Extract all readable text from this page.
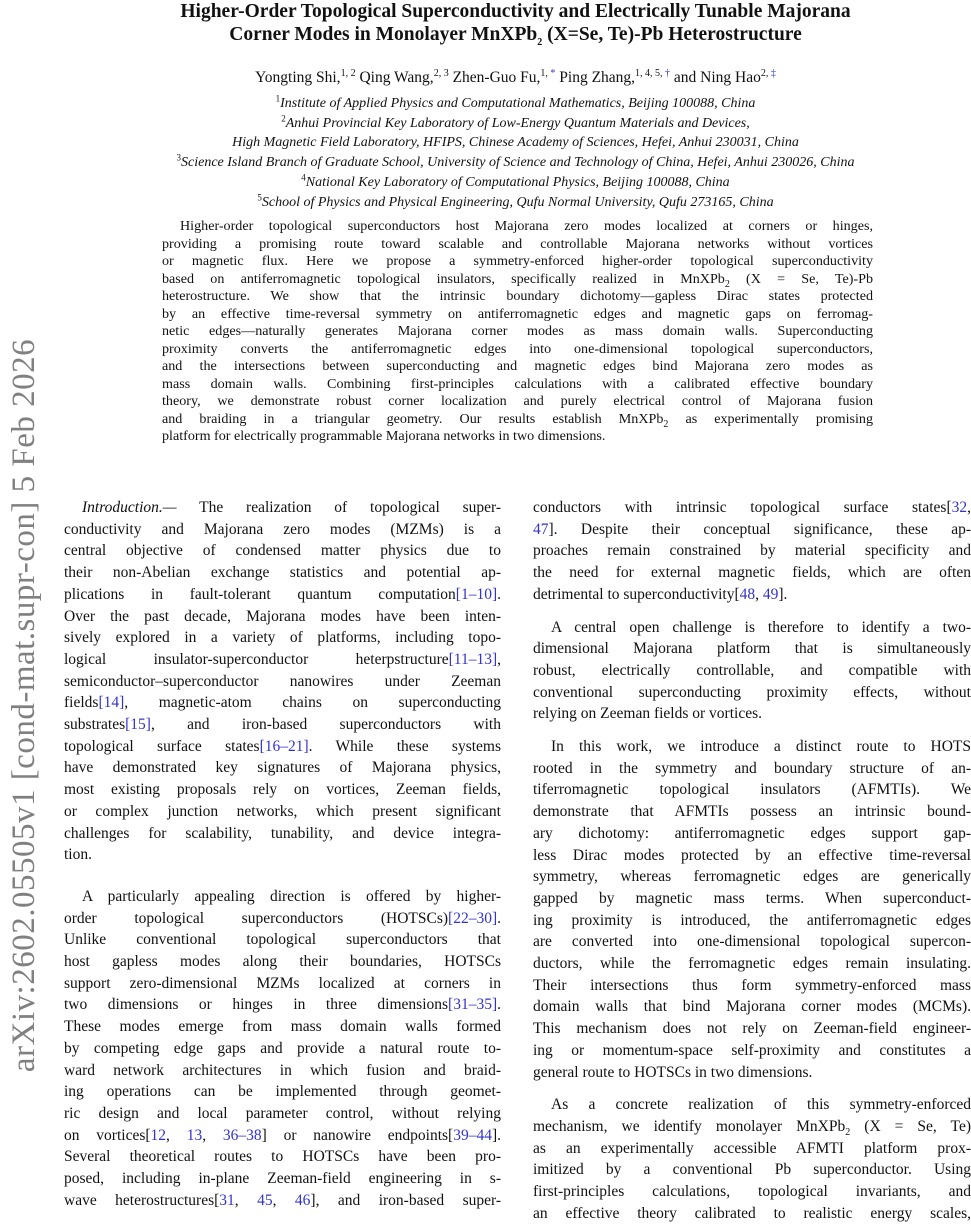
arXiv:2602.05505v1 [cond-mat.supr-con] 5 Feb 2026
Higher-Order Topological Superconductivity and Electrically Tunable Majorana
Corner Modes in Monolayer MnXPb$_2$ (X=Se, Te)-Pb Heterostructure
Yongting Shi,$^{1, 2}$ Qing Wang,$^{2, 3}$ Zhen-Guo Fu,$^{1, *}$ Ping Zhang,$^{1, 4, 5, \dagger}$ and Ning Hao$^{2, \ddagger}$
$^1$Institute of Applied Physics and Computational Mathematics, Beijing 100088, China
$^2$Anhui Provincial Key Laboratory of Low-Energy Quantum Materials and Devices,
High Magnetic Field Laboratory, HFIPS, Chinese Academy of Sciences, Hefei, Anhui 230031, China
$^3$Science Island Branch of Graduate School, University of Science and Technology of China, Hefei, Anhui 230026, China
$^4$National Key Laboratory of Computational Physics, Beijing 100088, China
$^5$School of Physics and Physical Engineering, Qufu Normal University, Qufu 273165, China
Higher-order topological superconductors host Majorana zero modes localized at corners or hinges,
providing a promising route toward scalable and controllable Majorana networks without vortices
or magnetic flux. Here we propose a symmetry-enforced higher-order topological superconductivity
based on antiferromagnetic topological insulators, specifically realized in MnXPb$_2$ (X = Se, Te)-Pb
heterostructure. We show that the intrinsic boundary dichotomy—gapless Dirac states protected
by an effective time-reversal symmetry on antiferromagnetic edges and magnetic gaps on ferromag-
netic edges—naturally generates Majorana corner modes as mass domain walls. Superconducting
proximity converts the antiferromagnetic edges into one-dimensional topological superconductors,
and the intersections between superconducting and magnetic edges bind Majorana zero modes as
mass domain walls. Combining first-principles calculations with a calibrated effective boundary
theory, we demonstrate robust corner localization and purely electrical control of Majorana fusion
and braiding in a triangular geometry. Our results establish MnXPb$_2$ as experimentally promising
platform for electrically programmable Majorana networks in two dimensions.
Introduction.— The realization of topological super-
conductivity and Majorana zero modes (MZMs) is a
central objective of condensed matter physics due to
their non-Abelian exchange statistics and potential ap-
plications in fault-tolerant quantum computation[1–10].
Over the past decade, Majorana modes have been inten-
sively explored in a variety of platforms, including topo-
logical insulator-superconductor heterpstructure[11–13],
semiconductor–superconductor nanowires under Zeeman
fields[14], magnetic-atom chains on superconducting
substrates[15], and iron-based superconductors with
topological surface states[16–21]. While these systems
have demonstrated key signatures of Majorana physics,
most existing proposals rely on vortices, Zeeman fields,
or complex junction networks, which present significant
challenges for scalability, tunability, and device integra-
tion.
A particularly appealing direction is offered by higher-
order topological superconductors (HOTSCs)[22–30].
Unlike conventional topological superconductors that
host gapless modes along their boundaries, HOTSCs
support zero-dimensional MZMs localized at corners in
two dimensions or hinges in three dimensions[31–35].
These modes emerge from mass domain walls formed
by competing edge gaps and provide a natural route to-
ward network architectures in which fusion and braid-
ing operations can be implemented through geomet-
ric design and local parameter control, without relying
on vortices[12, 13, 36–38] or nanowire endpoints[39–44].
Several theoretical routes to HOTSCs have been pro-
posed, including in-plane Zeeman-field engineering in s-
wave heterostructures[31, 45, 46], and iron-based super-
conductors with intrinsic topological surface states[32,
47]. Despite their conceptual significance, these ap-
proaches remain constrained by material specificity and
the need for external magnetic fields, which are often
detrimental to superconductivity[48, 49].
A central open challenge is therefore to identify a two-
dimensional Majorana platform that is simultaneously
robust, electrically controllable, and compatible with
conventional superconducting proximity effects, without
relying on Zeeman fields or vortices.
In this work, we introduce a distinct route to HOTS
rooted in the symmetry and boundary structure of an-
tiferromagnetic topological insulators (AFMTIs). We
demonstrate that AFMTIs possess an intrinsic bound-
ary dichotomy: antiferromagnetic edges support gap-
less Dirac modes protected by an effective time-reversal
symmetry, whereas ferromagnetic edges are generically
gapped by magnetic mass terms. When superconduct-
ing proximity is introduced, the antiferromagnetic edges
are converted into one-dimensional topological supercon-
ductors, while the ferromagnetic edges remain insulating.
Their intersections thus form symmetry-enforced mass
domain walls that bind Majorana corner modes (MCMs).
This mechanism does not rely on Zeeman-field engineer-
ing or momentum-space self-proximity and constitutes a
general route to HOTSCs in two dimensions.
As a concrete realization of this symmetry-enforced
mechanism, we identify monolayer MnXPb$_2$ (X = Se, Te)
as an experimentally accessible AFMTI platform prox-
imitized by a conventional Pb superconductor. Using
first-principles calculations, topological invariants, and
an effective theory calibrated to realistic energy scales,
